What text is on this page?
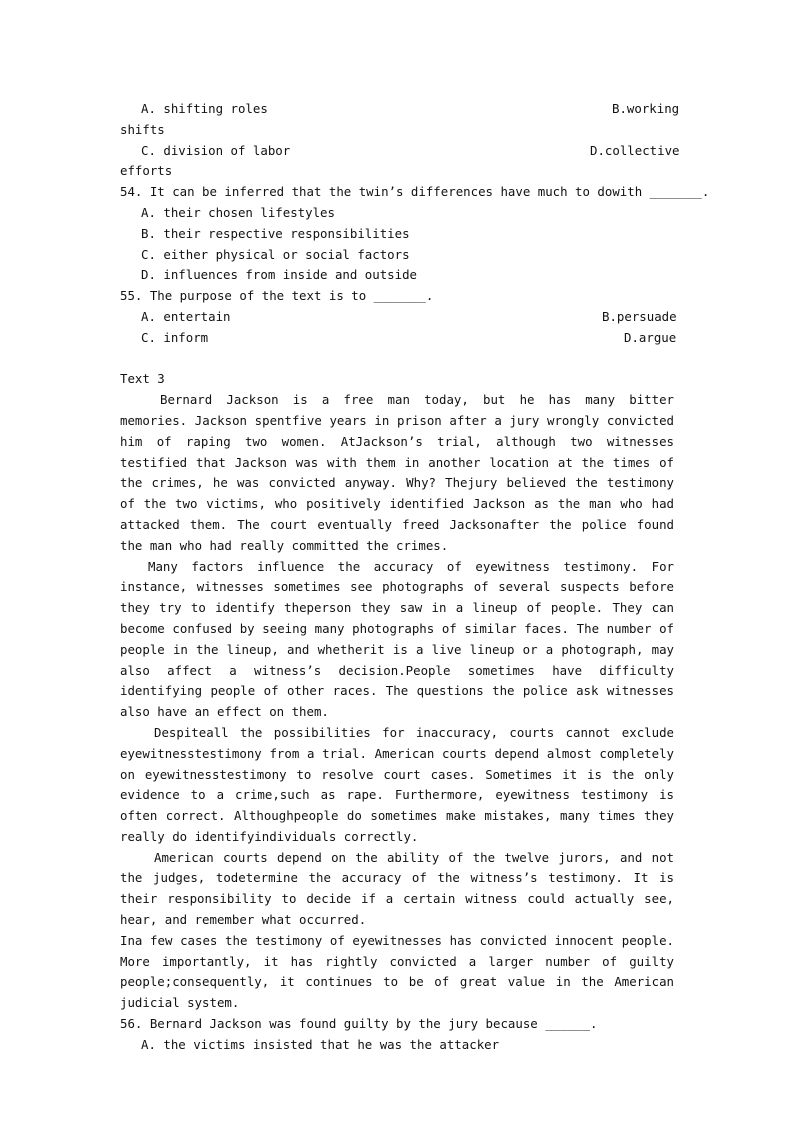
A. shifting roles	B.working
shifts
C. division of labor	D.collective
efforts
54. It can be inferred that the twin’s differences have much to dowith _______.
A. their chosen lifestyles
B. their respective responsibilities
C. either physical or social factors
D. influences from inside and outside
55. The purpose of the text is to _______.
A. entertain	B.persuade
C. inform	D.argue
Text 3
Bernard Jackson is a free man today, but he has many bitter memories. Jackson spentfive years in prison after a jury wrongly convicted him of raping two women. AtJackson’s trial, although two witnesses testified that Jackson was with them in another location at the times of the crimes, he was convicted anyway. Why? Thejury believed the testimony of the two victims, who positively identified Jackson as the man who had attacked them. The court eventually freed Jacksonafter the police found the man who had really committed the crimes.
Many factors influence the accuracy of eyewitness testimony. For instance, witnesses sometimes see photographs of several suspects before they try to identify theperson they saw in a lineup of people. They can become confused by seeing many photographs of similar faces. The number of people in the lineup, and whetherit is a live lineup or a photograph, may also affect a witness’s decision.People sometimes have difficulty identifying people of other races. The questions the police ask witnesses also have an effect on them.
Despiteall the possibilities for inaccuracy, courts cannot exclude eyewitnesstestimony from a trial. American courts depend almost completely on eyewitnesstestimony to resolve court cases. Sometimes it is the only evidence to a crime,such as rape. Furthermore, eyewitness testimony is often correct. Althoughpeople do sometimes make mistakes, many times they really do identifyindividuals correctly.
American courts depend on the ability of the twelve jurors, and not the judges, todetermine the accuracy of the witness’s testimony. It is their responsibility to decide if a certain witness could actually see, hear, and remember what occurred.
Ina few cases the testimony of eyewitnesses has convicted innocent people. More importantly, it has rightly convicted a larger number of guilty people;consequently, it continues to be of great value in the American judicial system.
56. Bernard Jackson was found guilty by the jury because ______.
A. the victims insisted that he was the attacker
